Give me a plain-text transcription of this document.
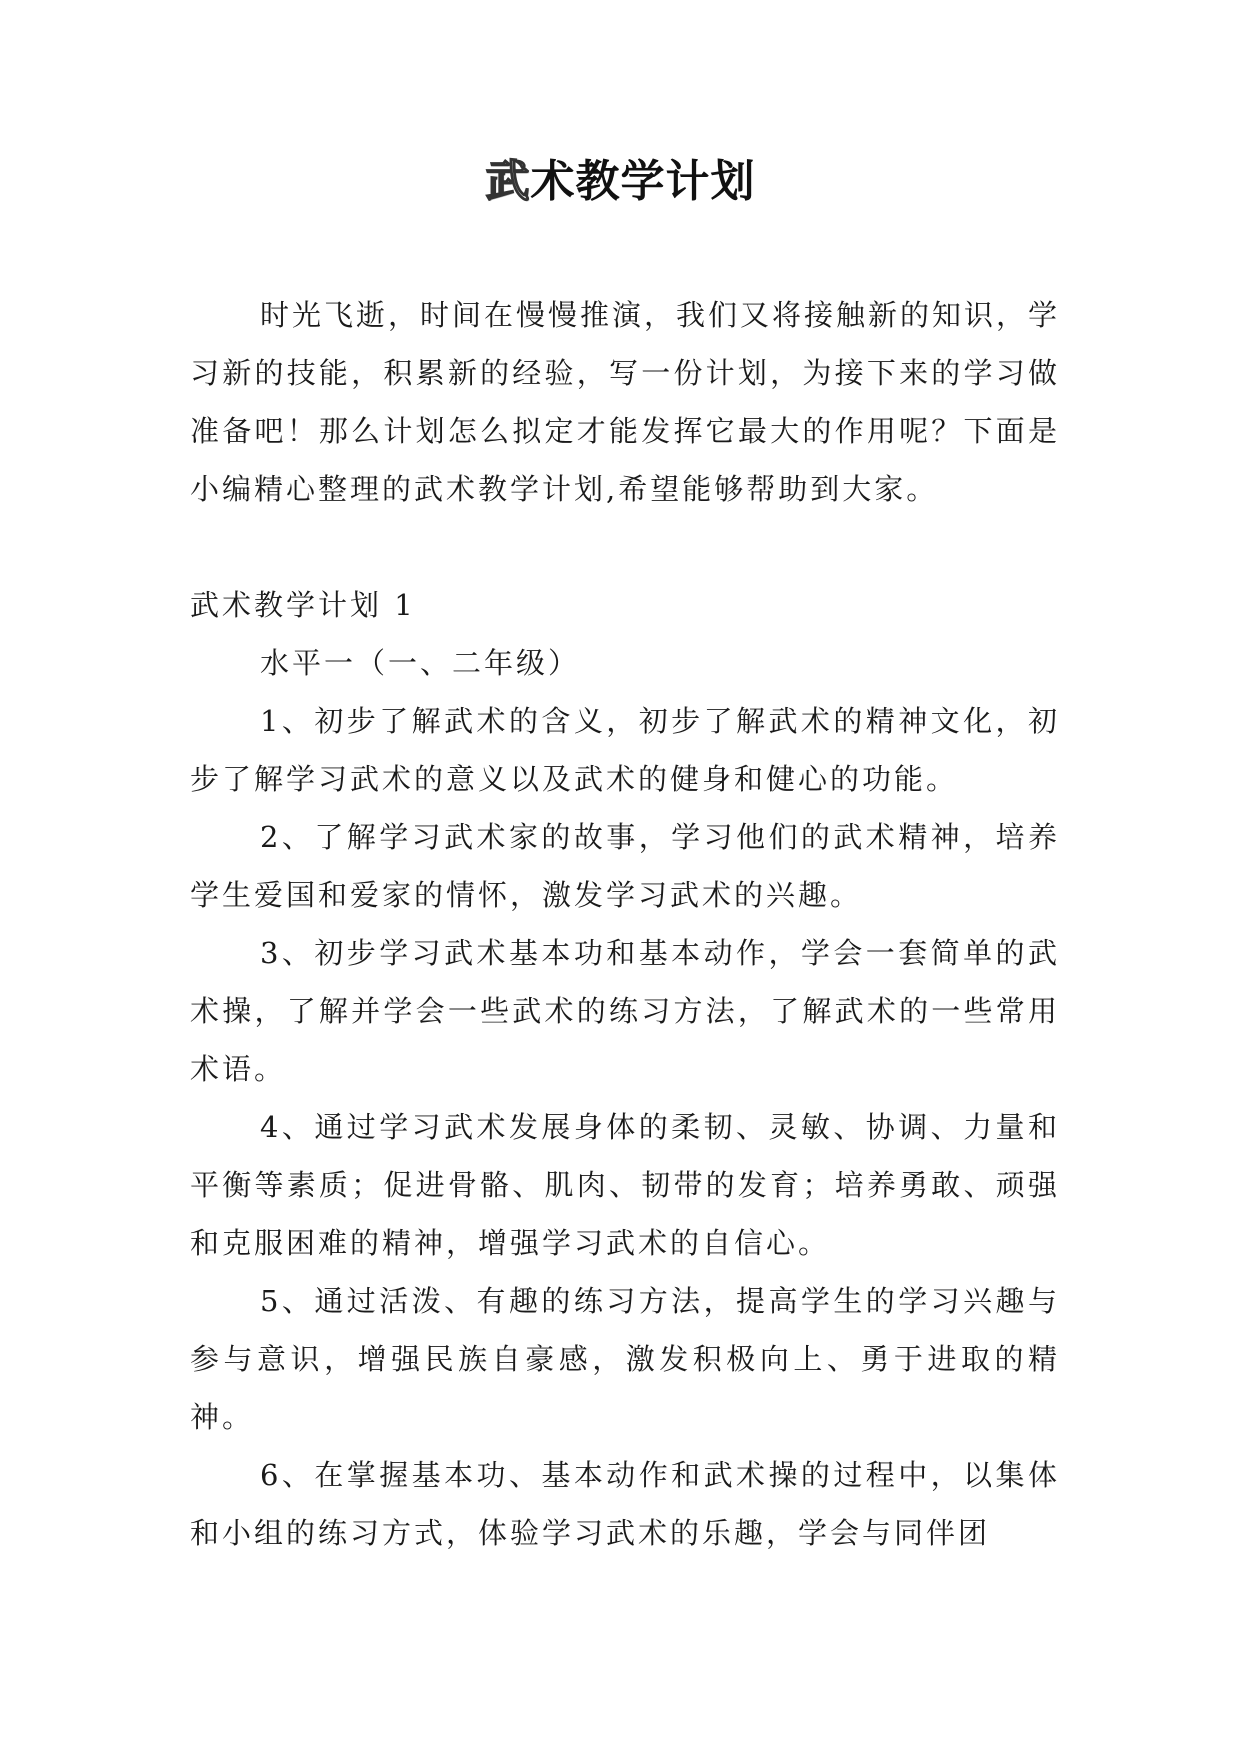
武术教学计划

时光飞逝，时间在慢慢推演，我们又将接触新的知识，学习新的技能，积累新的经验，写一份计划，为接下来的学习做准备吧！那么计划怎么拟定才能发挥它最大的作用呢？下面是小编精心整理的武术教学计划,希望能够帮助到大家。

武术教学计划 1

水平一（一、二年级）

1、初步了解武术的含义，初步了解武术的精神文化，初步了解学习武术的意义以及武术的健身和健心的功能。

2、了解学习武术家的故事，学习他们的武术精神，培养学生爱国和爱家的情怀，激发学习武术的兴趣。

3、初步学习武术基本功和基本动作，学会一套简单的武术操，了解并学会一些武术的练习方法，了解武术的一些常用术语。

4、通过学习武术发展身体的柔韧、灵敏、协调、力量和平衡等素质；促进骨骼、肌肉、韧带的发育；培养勇敢、顽强和克服困难的精神，增强学习武术的自信心。

5、通过活泼、有趣的练习方法，提高学生的学习兴趣与参与意识，增强民族自豪感，激发积极向上、勇于进取的精神。

6、在掌握基本功、基本动作和武术操的过程中，以集体和小组的练习方式，体验学习武术的乐趣，学会与同伴团
